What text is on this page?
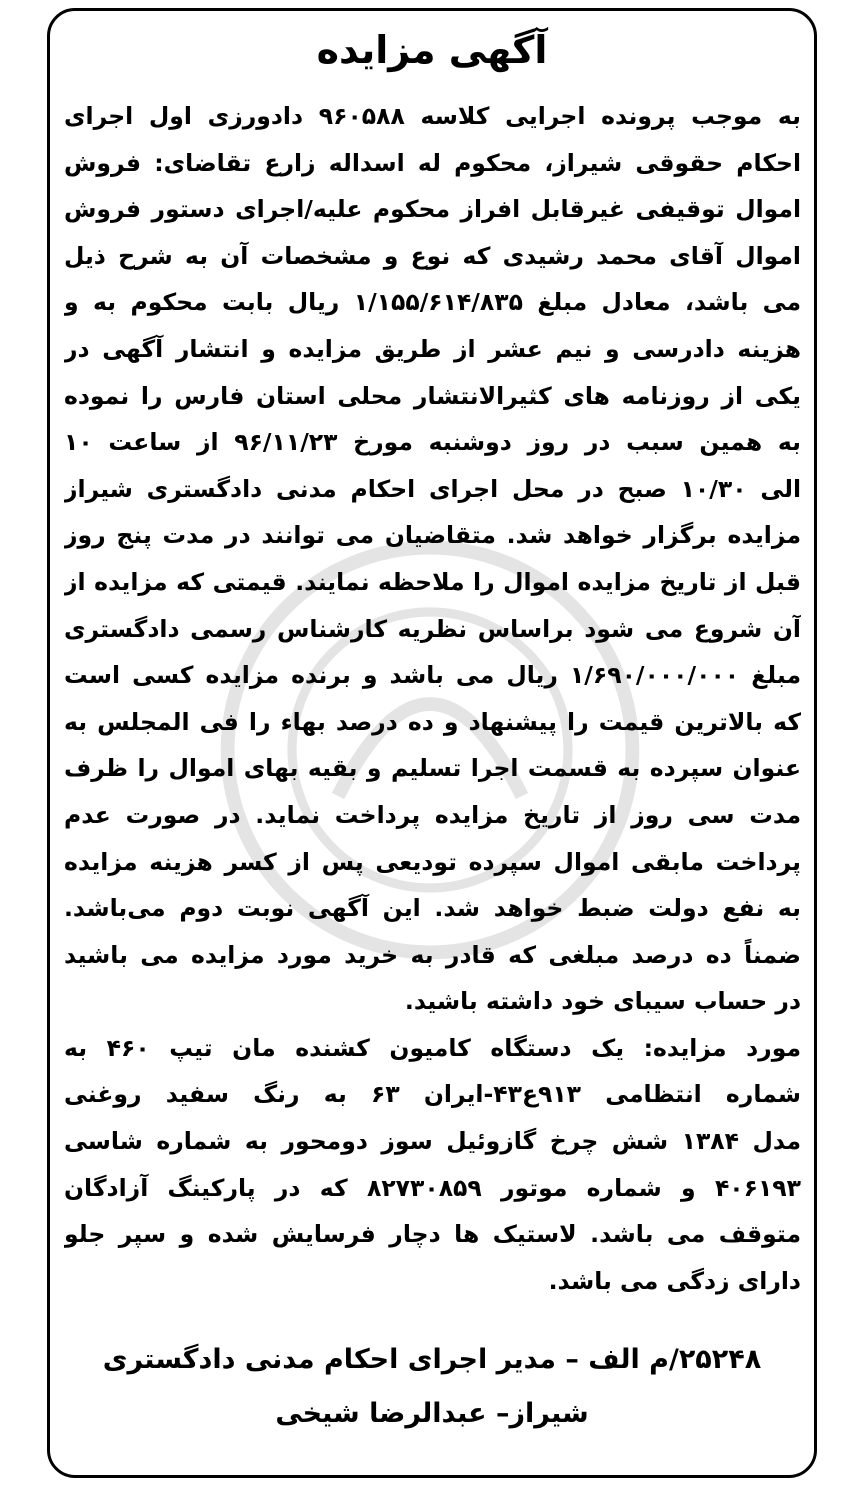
آگهی مزایده
به موجب پرونده اجرایی کلاسه ۹۶۰۵۸۸ دادورزی اول اجرای
احکام حقوقی شیراز، محکوم له اسداله زارع تقاضای: فروش
اموال توقیفی غیرقابل افراز محکوم علیه/اجرای دستور فروش
اموال آقای محمد رشیدی که نوع و مشخصات آن به شرح ذیل
می باشد، معادل مبلغ ۱/۱۵۵/۶۱۴/۸۳۵ ریال بابت محکوم به و
هزینه دادرسی و نیم عشر از طریق مزایده و انتشار آگهی در
یکی از روزنامه های کثیرالانتشار محلی استان فارس را نموده
به همین سبب در روز دوشنبه مورخ ۹۶/۱۱/۲۳ از ساعت ۱۰
الی ۱۰/۳۰ صبح در محل اجرای احکام مدنی دادگستری شیراز
مزایده برگزار خواهد شد. متقاضیان می توانند در مدت پنج روز
قبل از تاریخ مزایده اموال را ملاحظه نمایند. قیمتی که مزایده از
آن شروع می شود براساس نظریه کارشناس رسمی دادگستری
مبلغ ۱/۶۹۰/۰۰۰/۰۰۰ ریال می باشد و برنده مزایده کسی است
که بالاترین قیمت را پیشنهاد و ده درصد بهاء را فی المجلس به
عنوان سپرده به قسمت اجرا تسلیم و بقیه بهای اموال را ظرف
مدت سی روز از تاریخ مزایده پرداخت نماید. در صورت عدم
پرداخت مابقی اموال سپرده تودیعی پس از کسر هزینه مزایده
به نفع دولت ضبط خواهد شد. این آگهی نوبت دوم می‌باشد.
ضمناً ده درصد مبلغی که قادر به خرید مورد مزایده می باشید
در حساب سیبای خود داشته باشید.
مورد مزایده: یک دستگاه کامیون کشنده مان تیپ ۴۶۰ به
شماره انتظامی ۹۱۳ع۴۳-ایران ۶۳ به رنگ سفید روغنی
مدل ۱۳۸۴ شش چرخ گازوئیل سوز دومحور به شماره شاسی
۴۰۶۱۹۳ و شماره موتور ۸۲۷۳۰۸۵۹ که در پارکینگ آزادگان
متوقف می باشد. لاستیک ها دچار فرسایش شده و سپر جلو
دارای زدگی می باشد.
۲۵۲۴۸/م الف – مدیر اجرای احکام مدنی دادگستری
شیراز– عبدالرضا شیخی
